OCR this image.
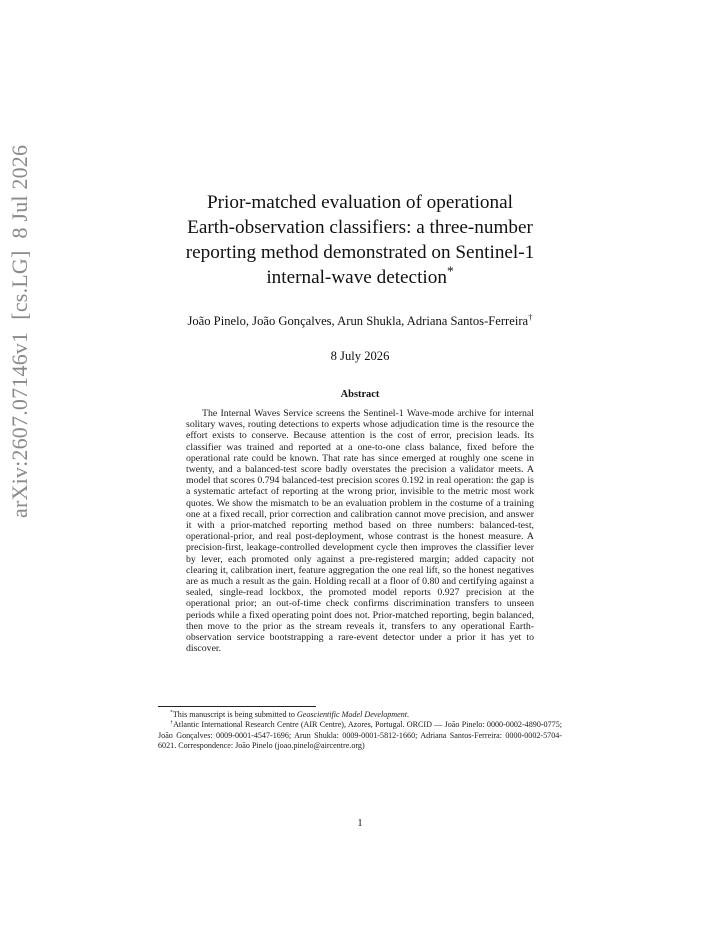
arXiv:2607.07146v1[cs.LG]8 Jul 2026	Prior-matched evaluation of operational
Earth-observation classifiers: a three-number
reporting method demonstrated on Sentinel-1
internal-wave detection*
João Pinelo, João Gonçalves, Arun Shukla, Adriana Santos-Ferreira†
8 July 2026
Abstract
The Internal Waves Service screens the Sentinel-1 Wave-mode archive for internal solitary waves, routing detections to experts whose adjudication time is the resource the effort exists to conserve. Because attention is the cost of error, precision leads. Its classifier was trained and reported at a one-to-one class balance, fixed before the operational rate could be known. That rate has since emerged at roughly one scene in twenty, and a balanced-test score badly overstates the precision a validator meets. A model that scores 0.794 balanced-test precision scores 0.192 in real operation: the gap is a systematic artefact of reporting at the wrong prior, invisible to the metric most work quotes. We show the mismatch to be an evaluation problem in the costume of a training one at a fixed recall, prior correction and calibration cannot move precision, and answer it with a prior-matched reporting method based on three numbers: balanced-test, operational-prior, and real post-deployment, whose contrast is the honest measure. A precision-first, leakage-controlled development cycle then improves the classifier lever by lever, each promoted only against a pre-registered margin; added capacity not clearing it, calibration inert, feature aggregation the one real lift, so the honest negatives are as much a result as the gain. Holding recall at a floor of 0.80 and certifying against a sealed, single-read lockbox, the promoted model reports 0.927 precision at the operational prior; an out-of-time check confirms discrimination transfers to unseen periods while a fixed operating point does not. Prior-matched reporting, begin balanced, then move to the prior as the stream reveals it, transfers to any operational Earth-observation service bootstrapping a rare-event detector under a prior it has yet to discover.

*This manuscript is being submitted to Geoscientific Model Development.

†Atlantic International Research Centre (AIR Centre), Azores, Portugal. ORCID — João Pinelo: 0000-0002-4890-0775; João Gonçalves: 0009-0001-4547-1696; Arun Shukla: 0009-0001-5812-1660; Adriana Santos-Ferreira: 0000-0002-5704-6021. Correspondence: João Pinelo (joao.pinelo@aircentre.org)

1
